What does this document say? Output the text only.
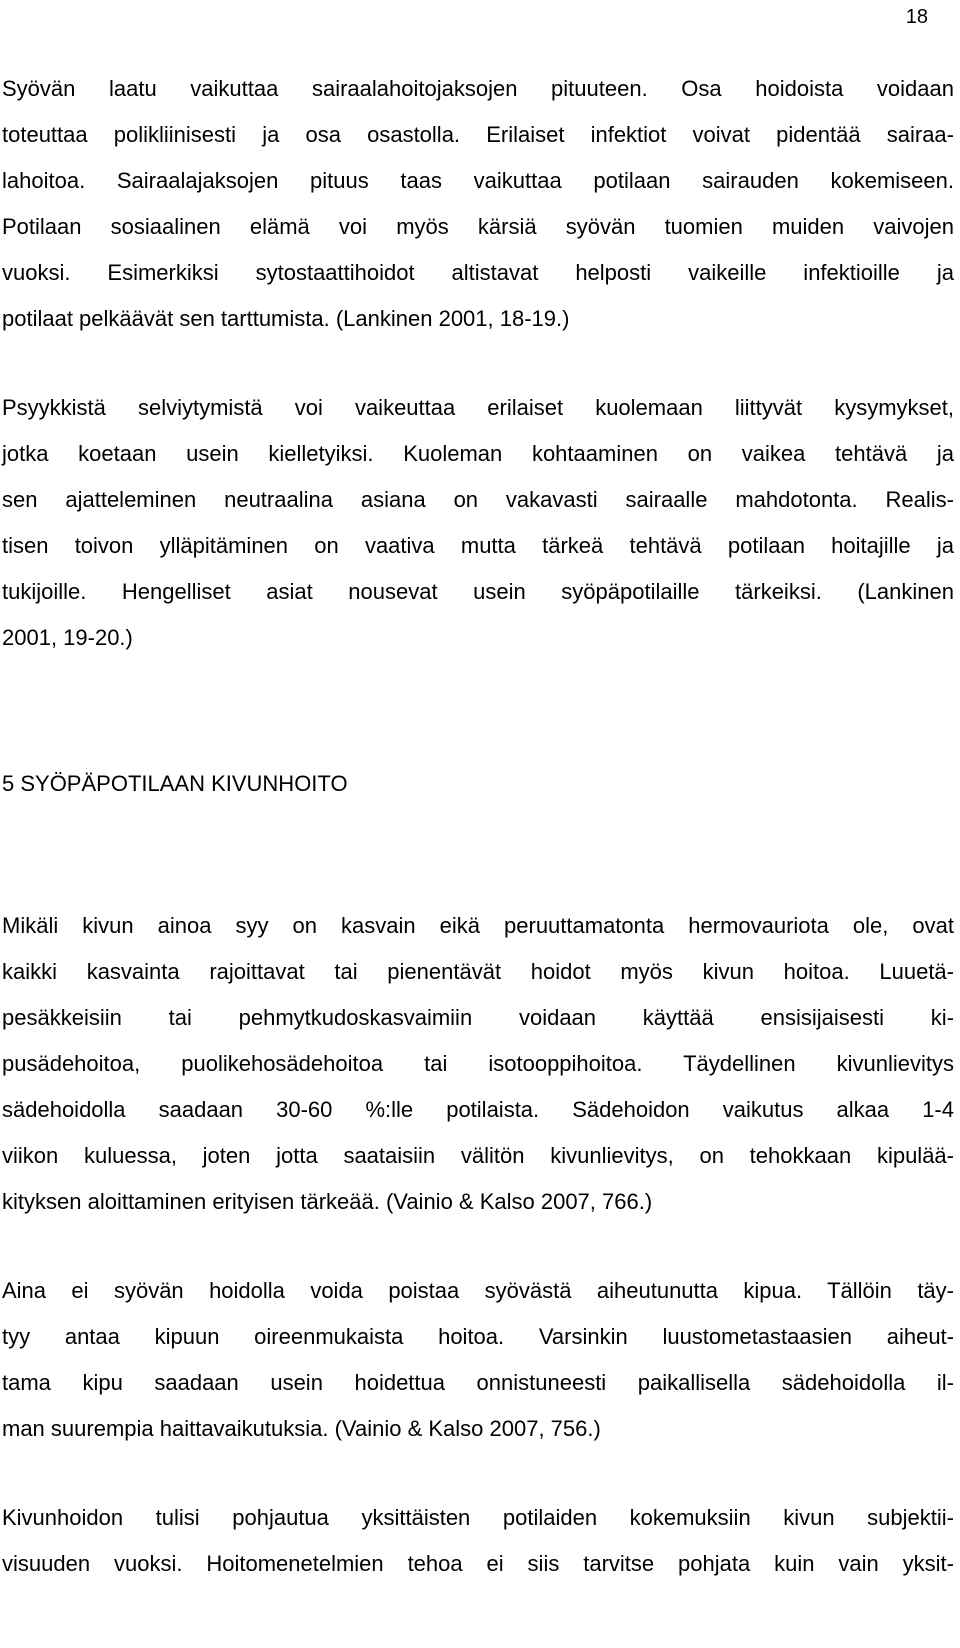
18

Syövän laatu vaikuttaa sairaalahoitojaksojen pituuteen. Osa hoidoista voidaan
toteuttaa polikliinisesti ja osa osastolla. Erilaiset infektiot voivat pidentää sairaa-
lahoitoa. Sairaalajaksojen pituus taas vaikuttaa potilaan sairauden kokemiseen.
Potilaan sosiaalinen elämä voi myös kärsiä syövän tuomien muiden vaivojen
vuoksi. Esimerkiksi sytostaattihoidot altistavat helposti vaikeille infektioille ja
potilaat pelkäävät sen tarttumista. (Lankinen 2001, 18-19.)

Psyykkistä selviytymistä voi vaikeuttaa erilaiset kuolemaan liittyvät kysymykset,
jotka koetaan usein kielletyiksi. Kuoleman kohtaaminen on vaikea tehtävä ja
sen ajatteleminen neutraalina asiana on vakavasti sairaalle mahdotonta. Realis-
tisen toivon ylläpitäminen on vaativa mutta tärkeä tehtävä potilaan hoitajille ja
tukijoille. Hengelliset asiat nousevat usein syöpäpotilaille tärkeiksi. (Lankinen
2001, 19-20.)

5 SYÖPÄPOTILAAN KIVUNHOITO

Mikäli kivun ainoa syy on kasvain eikä peruuttamatonta hermovauriota ole, ovat
kaikki kasvainta rajoittavat tai pienentävät hoidot myös kivun hoitoa. Luuetä-
pesäkkeisiin tai pehmytkudoskasvaimiin voidaan käyttää ensisijaisesti ki-
pusädehoitoa, puolikehosädehoitoa tai isotooppihoitoa. Täydellinen kivunlievitys
sädehoidolla saadaan 30-60 %:lle potilaista. Sädehoidon vaikutus alkaa 1-4
viikon kuluessa, joten jotta saataisiin välitön kivunlievitys, on tehokkaan kipulää-
kityksen aloittaminen erityisen tärkeää. (Vainio & Kalso 2007, 766.)

Aina ei syövän hoidolla voida poistaa syövästä aiheutunutta kipua. Tällöin täy-
tyy antaa kipuun oireenmukaista hoitoa. Varsinkin luustometastaasien aiheut-
tama kipu saadaan usein hoidettua onnistuneesti paikallisella sädehoidolla il-
man suurempia haittavaikutuksia. (Vainio & Kalso 2007, 756.)

Kivunhoidon tulisi pohjautua yksittäisten potilaiden kokemuksiin kivun subjektii-
visuuden vuoksi. Hoitomenetelmien tehoa ei siis tarvitse pohjata kuin vain yksit-
